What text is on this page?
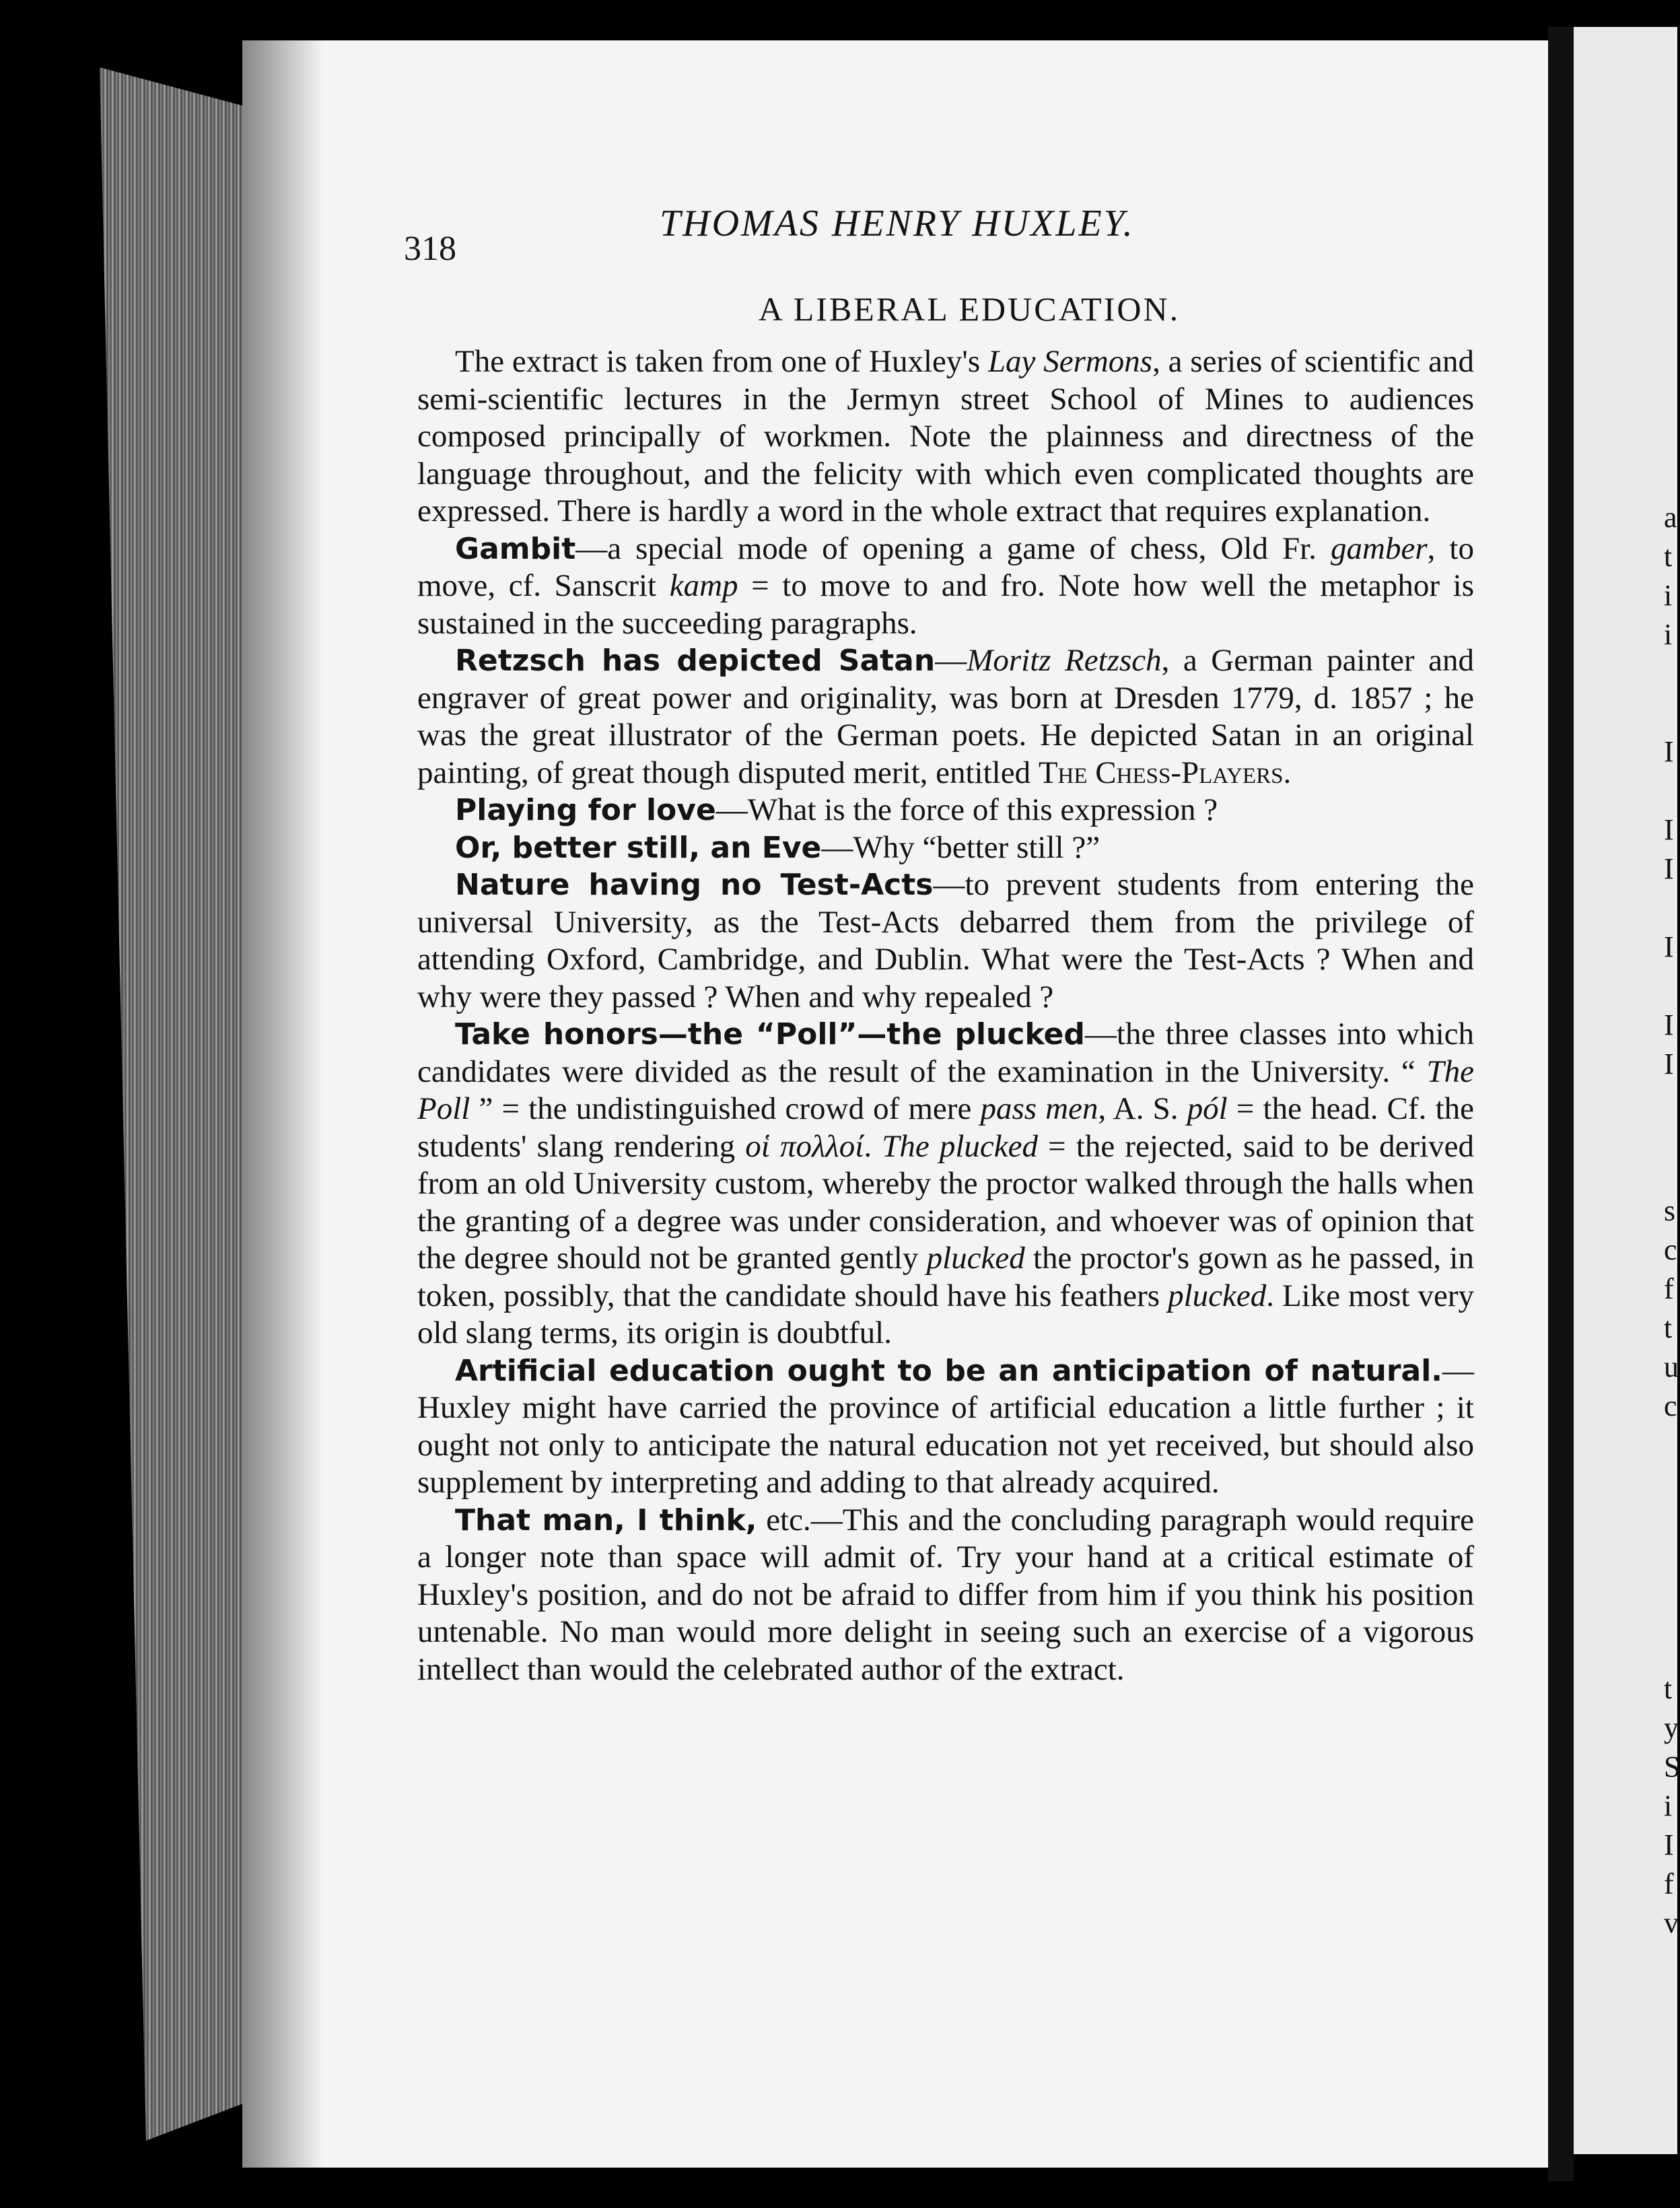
a
t
i
i

I

I
I

I

I
I
s
c
f
t
u
c
t
y
S
i
I
f
v
318
THOMAS HENRY HUXLEY.
A LIBERAL EDUCATION.

The extract is taken from one of Huxley's Lay Sermons, a series of scientific and semi-scientific lectures in the Jermyn street School of Mines to audiences composed principally of workmen. Note the plainness and directness of the language throughout, and the felicity with which even complicated thoughts are expressed. There is hardly a word in the whole extract that requires explanation.

Gambit—a special mode of opening a game of chess, Old Fr. gamber, to move, cf. Sanscrit kamp = to move to and fro. Note how well the metaphor is sustained in the succeeding paragraphs.

Retzsch has depicted Satan—Moritz Retzsch, a German painter and engraver of great power and originality, was born at Dresden 1779, d. 1857 ; he was the great illustrator of the German poets. He depicted Satan in an original painting, of great though disputed merit, entitled The Chess-Players.

Playing for love—What is the force of this expression ?

Or, better still, an Eve—Why “better still ?”

Nature having no Test-Acts—to prevent students from entering the universal University, as the Test-Acts debarred them from the privilege of attending Oxford, Cambridge, and Dublin. What were the Test-Acts ? When and why were they passed ? When and why repealed ?

Take honors—the “Poll”—the plucked—the three classes into which candidates were divided as the result of the examination in the University. “ The Poll ” = the undistinguished crowd of mere pass men, A. S. pól = the head. Cf. the students' slang rendering οἱ πολλοί. The plucked = the rejected, said to be derived from an old University custom, whereby the proctor walked through the halls when the granting of a degree was under consideration, and whoever was of opinion that the degree should not be granted gently plucked the proctor's gown as he passed, in token, possibly, that the candidate should have his feathers plucked. Like most very old slang terms, its origin is doubtful.

Artificial education ought to be an anticipation of natural.—Huxley might have carried the province of artificial education a little further ; it ought not only to anticipate the natural education not yet received, but should also supplement by interpreting and adding to that already acquired.

That man, I think, etc.—This and the concluding paragraph would require a longer note than space will admit of. Try your hand at a critical estimate of Huxley's position, and do not be afraid to differ from him if you think his position untenable. No man would more delight in seeing such an exercise of a vigorous intellect than would the celebrated author of the extract.
